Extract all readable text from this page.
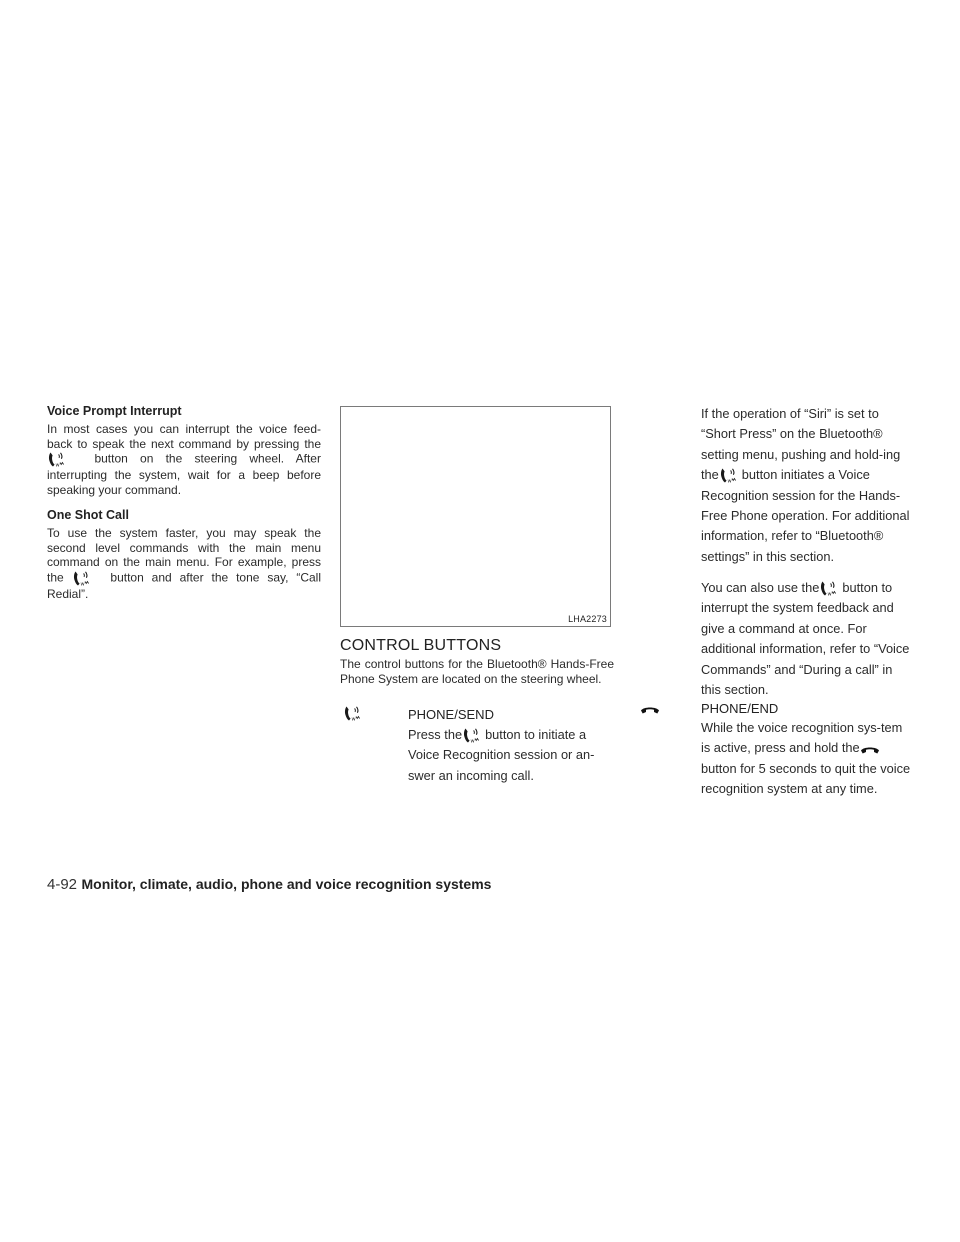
Voice Prompt Interrupt
In most cases you can interrupt the voice feed-back to speak the next command by pressing the   button on the steering wheel. After interrupting the system, wait for a beep before speaking your command.
One Shot Call
To use the system faster, you may speak the second level commands with the main menu command on the main menu. For example, press the	button and after the tone say, “Call Redial”.
LHA2273
CONTROL BUTTONS
The control buttons for the Bluetooth® Hands-Free Phone System are located on the steering wheel.
PHONE/SEND
Press the button to initiate a Voice Recognition session or an-swer an incoming call.
If the operation of “Siri” is set to “Short Press” on the Bluetooth® setting menu, pushing and hold-ing the button initiates a Voice Recognition session for the Hands-Free Phone operation. For additional information, refer to “Bluetooth® settings” in this section.
You can also use the button to interrupt the system feedback and give a command at once. For additional information, refer to “Voice Commands” and “During a call” in this section.
PHONE/END
While the voice recognition sys-tem is active, press and hold thebutton for 5 seconds to quit the voice recognition system at any time.
4-92 Monitor, climate, audio, phone and voice recognition systems
